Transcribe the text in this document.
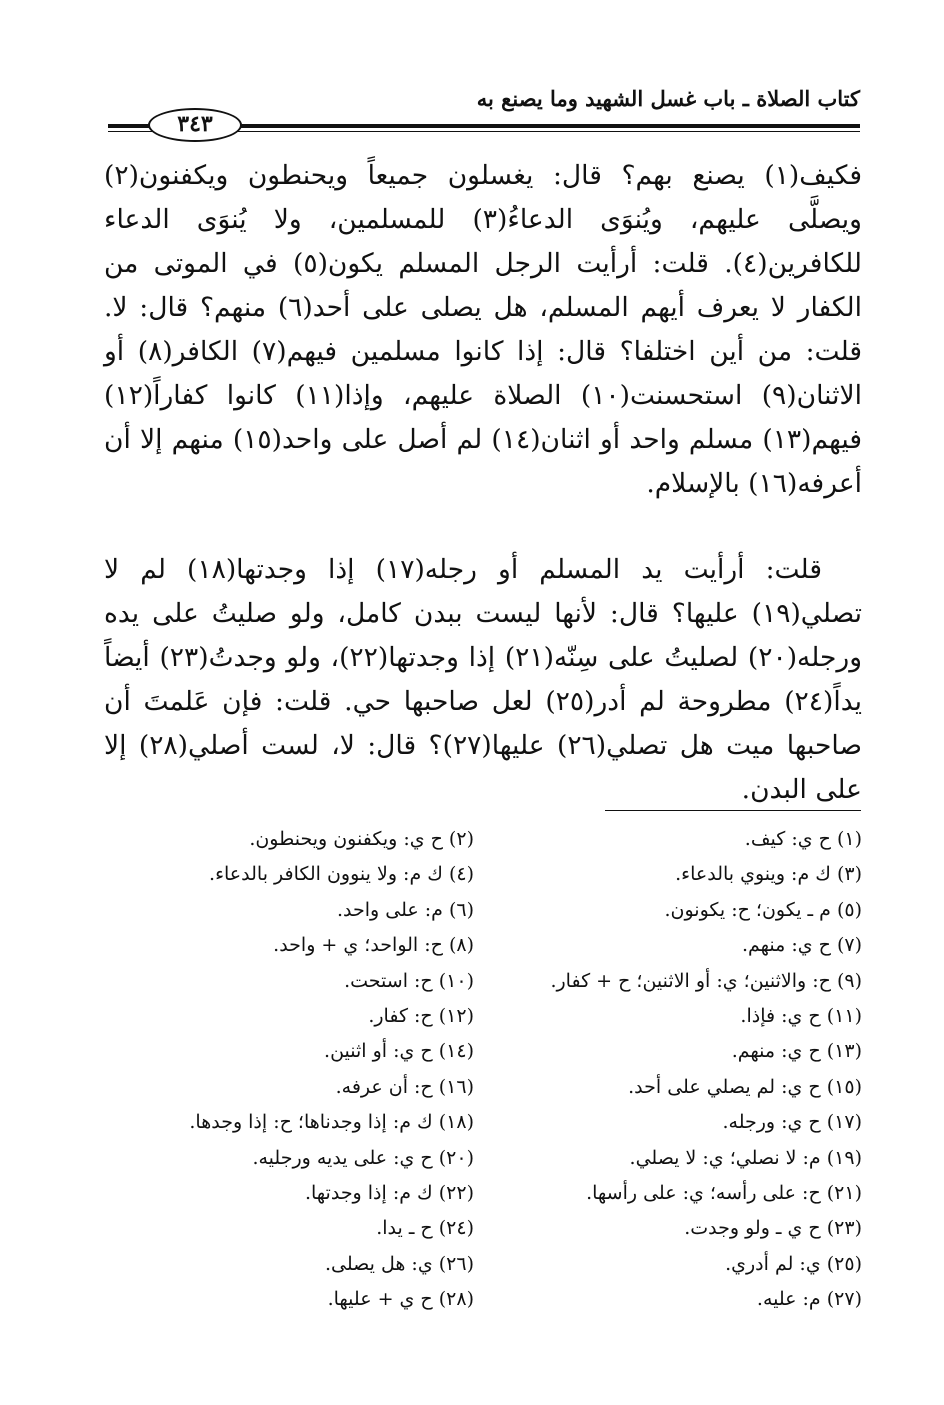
كتاب الصلاة ـ باب غسل الشهيد وما يصنع به
٣٤٣

فكيف(١) يصنع بهم؟ قال: يغسلون جميعاً ويحنطون ويكفنون(٢) ويصلَّى عليهم، ويُنوَى الدعاءُ(٣) للمسلمين، ولا يُنوَى الدعاء للكافرين(٤). قلت: أرأيت الرجل المسلم يكون(٥) في الموتى من الكفار لا يعرف أيهم المسلم، هل يصلى على أحد(٦) منهم؟ قال: لا. قلت: من أين اختلفا؟ قال: إذا كانوا مسلمين فيهم(٧) الكافر(٨) أو الاثنان(٩) استحسنت(١٠) الصلاة عليهم، وإذا(١١) كانوا كفاراً(١٢) فيهم(١٣) مسلم واحد أو اثنان(١٤) لم أصل على واحد(١٥) منهم إلا أن أعرفه(١٦) بالإسلام.

قلت: أرأيت يد المسلم أو رجله(١٧) إذا وجدتها(١٨) لم لا تصلي(١٩) عليها؟ قال: لأنها ليست ببدن كامل، ولو صليتُ على يده ورجله(٢٠) لصليتُ على سِنّه(٢١) إذا وجدتها(٢٢)، ولو وجدتُ(٢٣) أيضاً يداً(٢٤) مطروحة لم أدر(٢٥) لعل صاحبها حي. قلت: فإن عَلمتَ أن صاحبها ميت هل تصلي(٢٦) عليها(٢٧)؟ قال: لا، لست أصلي(٢٨) إلا على البدن.

(١) ح ي: كيف.
(٣) ك م: وينوي بالدعاء.
(٥) م ـ يكون؛ ح: يكونون.
(٧) ح ي: منهم.
(٩) ح: والاثنين؛ ي: أو الاثنين؛ ح + كفار.
(١١) ح ي: فإذا.
(١٣) ح ي: منهم.
(١٥) ح ي: لم يصلي على أحد.
(١٧) ح ي: ورجله.
(١٩) م: لا نصلي؛ ي: لا يصلي.
(٢١) ح: على رأسه؛ ي: على رأسها.
(٢٣) ح ي ـ ولو وجدت.
(٢٥) ي: لم أدري.
(٢٧) م: عليه.
(٢) ح ي: ويكفنون ويحنطون.
(٤) ك م: ولا ينوون الكافر بالدعاء.
(٦) م: على واحد.
(٨) ح: الواحد؛ ي + واحد.
(١٠) ح: استحت.
(١٢) ح: كفار.
(١٤) ح ي: أو اثنين.
(١٦) ح: أن عرفه.
(١٨) ك م: إذا وجدناها؛ ح: إذا وجدها.
(٢٠) ح ي: على يديه ورجليه.
(٢٢) ك م: إذا وجدتها.
(٢٤) ح ـ يدا.
(٢٦) ي: هل يصلى.
(٢٨) ح ي + عليها.
